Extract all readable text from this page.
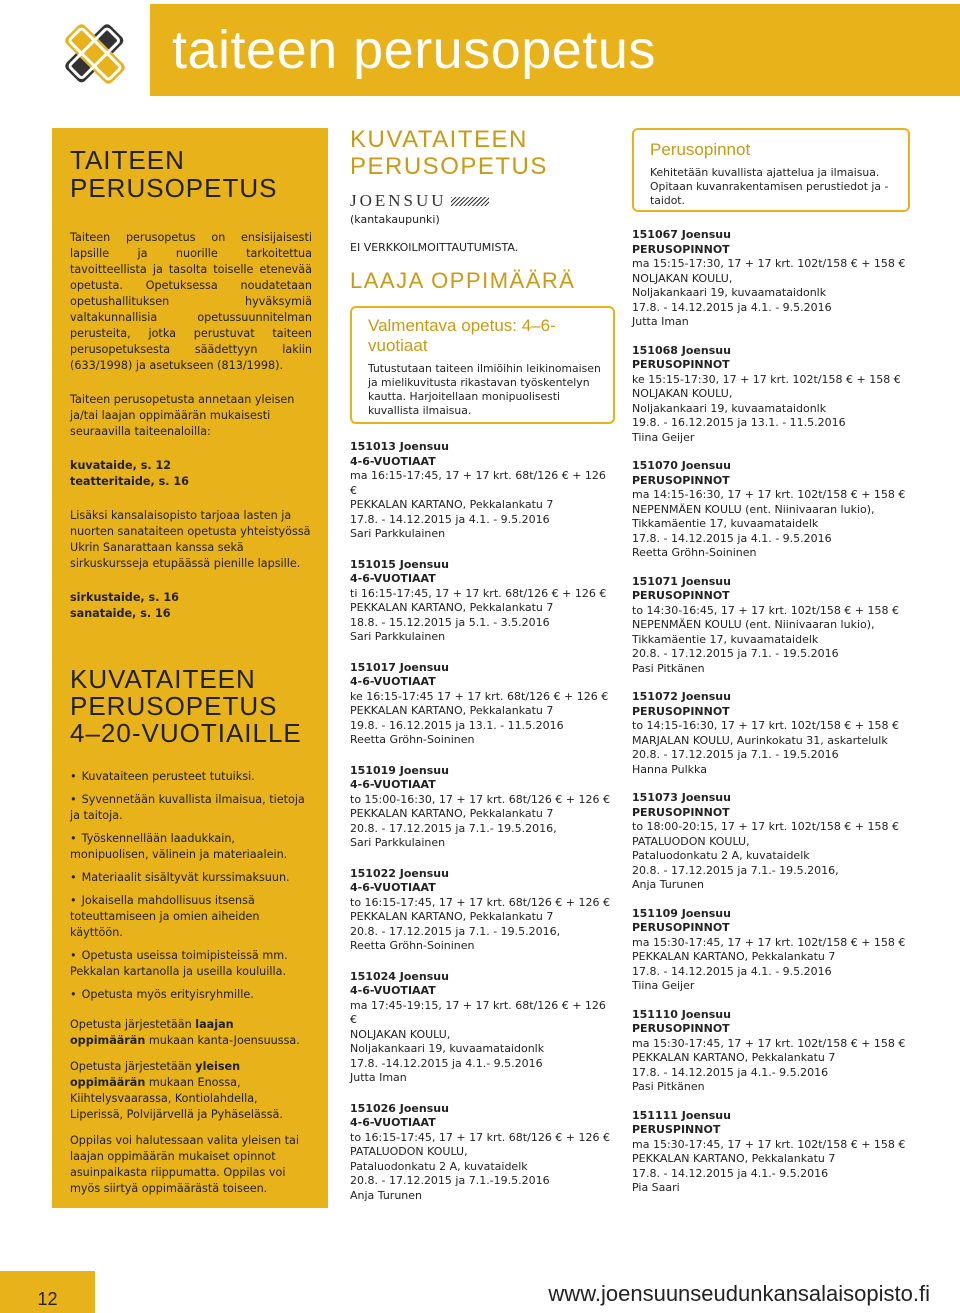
taiteen perusopetus
TAITEEN PERUSOPETUS

Taiteen perusopetus on ensisijaisesti lapsille ja nuorille tarkoitettua tavoitteellista ja tasolta toiselle etenevää opetusta. Opetuksessa noudatetaan opetushallituksen hyväksymiä valtakunnallisia opetussuunnitelman perusteita, jotka perustuvat taiteen perusopetuksesta säädettyyn lakiin (633/1998) ja asetukseen (813/1998).

Taiteen perusopetusta annetaan yleisen ja/tai laajan oppimäärän mukaisesti seuraavilla taiteenaloilla:

kuvataide, s. 12

teatteritaide, s. 16

Lisäksi kansalaisopisto tarjoaa lasten ja nuorten sanataiteen opetusta yhteistyössä Ukrin Sanarattaan kanssa sekä sirkuskursseja etupäässä pienille lapsille.

sirkustaide, s. 16

sanataide, s. 16

KUVATAITEEN PERUSOPETUS 4–20-VUOTIAILLE
• Kuvataiteen perusteet tutuiksi.
• Syvennetään kuvallista ilmaisua, tietoja ja taitoja.
• Työskennellään laadukkain, monipuolisen, välinein ja materiaalein.
• Materiaalit sisältyvät kurssimaksuun.
• Jokaisella mahdollisuus itsensä toteuttamiseen ja omien aiheiden käyttöön.
• Opetusta useissa toimipisteissä mm. Pekkalan kartanolla ja useilla kouluilla.
• Opetusta myös erityisryhmille.

Opetusta järjestetään laajan oppimäärän mukaan kanta-Joensuussa.

Opetusta järjestetään yleisen oppimäärän mukaan Enossa, Kiihtelysvaarassa, Kontiolahdella, Liperissä, Polvijärvellä ja Pyhäselässä.

Oppilas voi halutessaan valita yleisen tai laajan oppimäärän mukaiset opinnot asuinpaikasta riippumatta. Oppilas voi myös siirtyä oppimäärästä toiseen.

KUVATAITEEN PERUSOPETUS
JOENSUU

(kantakaupunki)

EI VERKKOILMOITTAUTUMISTA.

LAAJA OPPIMÄÄRÄ
Valmentava opetus: 4–6-vuotiaat
Tutustutaan taiteen ilmiöihin leikinomaisen ja mielikuvitusta rikastavan työskentelyn kautta. Harjoitellaan monipuolisesti kuvallista ilmaisua.
151013 Joensuu
4-6-VUOTIAAT
ma 16:15-17:45, 17 + 17 krt. 68t/126 € + 126 €
PEKKALAN KARTANO, Pekkalankatu 7
17.8. - 14.12.2015 ja 4.1. - 9.5.2016
Sari Parkkulainen
151015 Joensuu
4-6-VUOTIAAT
ti 16:15-17:45, 17 + 17 krt. 68t/126 € + 126 €
PEKKALAN KARTANO, Pekkalankatu 7
18.8. - 15.12.2015 ja 5.1. - 3.5.2016
Sari Parkkulainen
151017 Joensuu
4-6-VUOTIAAT
ke 16:15-17:45 17 + 17 krt. 68t/126 € + 126 €
PEKKALAN KARTANO, Pekkalankatu 7
19.8. - 16.12.2015 ja 13.1. - 11.5.2016
Reetta Gröhn-Soininen
151019 Joensuu
4-6-VUOTIAAT
to 15:00-16:30, 17 + 17 krt. 68t/126 € + 126 €
PEKKALAN KARTANO, Pekkalankatu 7
20.8. - 17.12.2015 ja 7.1.- 19.5.2016,
Sari Parkkulainen
151022 Joensuu
4-6-VUOTIAAT
to 16:15-17:45, 17 + 17 krt. 68t/126 € + 126 €
PEKKALAN KARTANO, Pekkalankatu 7
20.8. - 17.12.2015 ja 7.1. - 19.5.2016,
Reetta Gröhn-Soininen
151024 Joensuu
4-6-VUOTIAAT
ma 17:45-19:15, 17 + 17 krt. 68t/126 € + 126 €
NOLJAKAN KOULU,
Noljakankaari 19, kuvaamataidonlk
17.8. -14.12.2015 ja 4.1.- 9.5.2016
Jutta Iman
151026 Joensuu
4-6-VUOTIAAT
to 16:15-17:45, 17 + 17 krt. 68t/126 € + 126 €
PATALUODON KOULU,
Pataluodonkatu 2 A, kuvataidelk
20.8. - 17.12.2015 ja 7.1.-19.5.2016
Anja Turunen
Perusopinnot
Kehitetään kuvallista ajattelua ja ilmaisua. Opitaan kuvanrakentamisen perustiedot ja -taidot.
151067 Joensuu
PERUSOPINNOT
ma 15:15-17:30, 17 + 17 krt. 102t/158 € + 158 €
NOLJAKAN KOULU,
Noljakankaari 19, kuvaamataidonlk
17.8. - 14.12.2015 ja 4.1. - 9.5.2016
Jutta Iman
151068 Joensuu
PERUSOPINNOT
ke 15:15-17:30, 17 + 17 krt. 102t/158 € + 158 €
NOLJAKAN KOULU,
Noljakankaari 19, kuvaamataidonlk
19.8. - 16.12.2015 ja 13.1. - 11.5.2016
Tiina Geijer
151070 Joensuu
PERUSOPINNOT
ma 14:15-16:30, 17 + 17 krt. 102t/158 € + 158 €
NEPENMÄEN KOULU (ent. Niinivaaran lukio),
Tikkamäentie 17, kuvaamataidelk
17.8. - 14.12.2015 ja 4.1. - 9.5.2016
Reetta Gröhn-Soininen
151071 Joensuu
PERUSOPINNOT
to 14:30-16:45, 17 + 17 krt. 102t/158 € + 158 €
NEPENMÄEN KOULU (ent. Niinivaaran lukio),
Tikkamäentie 17, kuvaamataidelk
20.8. - 17.12.2015 ja 7.1. - 19.5.2016
Pasi Pitkänen
151072 Joensuu
PERUSOPINNOT
to 14:15-16:30, 17 + 17 krt. 102t/158 € + 158 €
MARJALAN KOULU, Aurinkokatu 31, askartelulk
20.8. - 17.12.2015 ja 7.1. - 19.5.2016
Hanna Pulkka
151073 Joensuu
PERUSOPINNOT
to 18:00-20:15, 17 + 17 krt. 102t/158 € + 158 €
PATALUODON KOULU,
Pataluodonkatu 2 A, kuvataidelk
20.8. - 17.12.2015 ja 7.1.- 19.5.2016,
Anja Turunen
151109 Joensuu
PERUSOPINNOT
ma 15:30-17:45, 17 + 17 krt. 102t/158 € + 158 €
PEKKALAN KARTANO, Pekkalankatu 7
17.8. - 14.12.2015 ja 4.1. - 9.5.2016
Tiina Geijer
151110 Joensuu
PERUSOPINNOT
ma 15:30-17:45, 17 + 17 krt. 102t/158 € + 158 €
PEKKALAN KARTANO, Pekkalankatu 7
17.8. - 14.12.2015 ja 4.1.- 9.5.2016
Pasi Pitkänen
151111 Joensuu
PERUSPINNOT
ma 15:30-17:45, 17 + 17 krt. 102t/158 € + 158 €
PEKKALAN KARTANO, Pekkalankatu 7
17.8. - 14.12.2015 ja 4.1.- 9.5.2016
Pia Saari
12	www.joensuunseudunkansalaisopisto.fi
